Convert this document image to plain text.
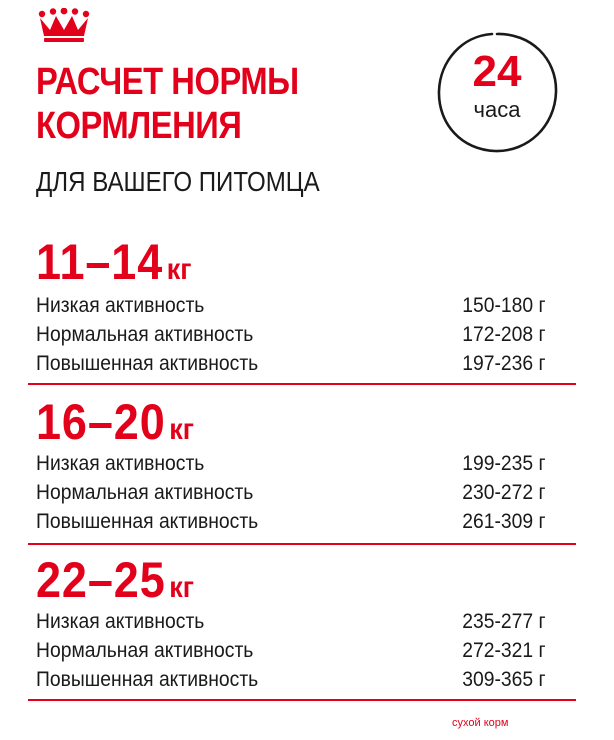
РАСЧЕТ НОРМЫ КОРМЛЕНИЯ
ДЛЯ ВАШЕГО ПИТОМЦА
24
часа
11–14 кг
Низкая активность	150-180 г
Нормальная активность	172-208 г
Повышенная активность	197-236 г
16–20 кг
Низкая активность	199-235 г
Нормальная активность	230-272 г
Повышенная активность	261-309 г
22–25 кг
Низкая активность	235-277 г
Нормальная активность	272-321 г
Повышенная активность	309-365 г
сухой корм
